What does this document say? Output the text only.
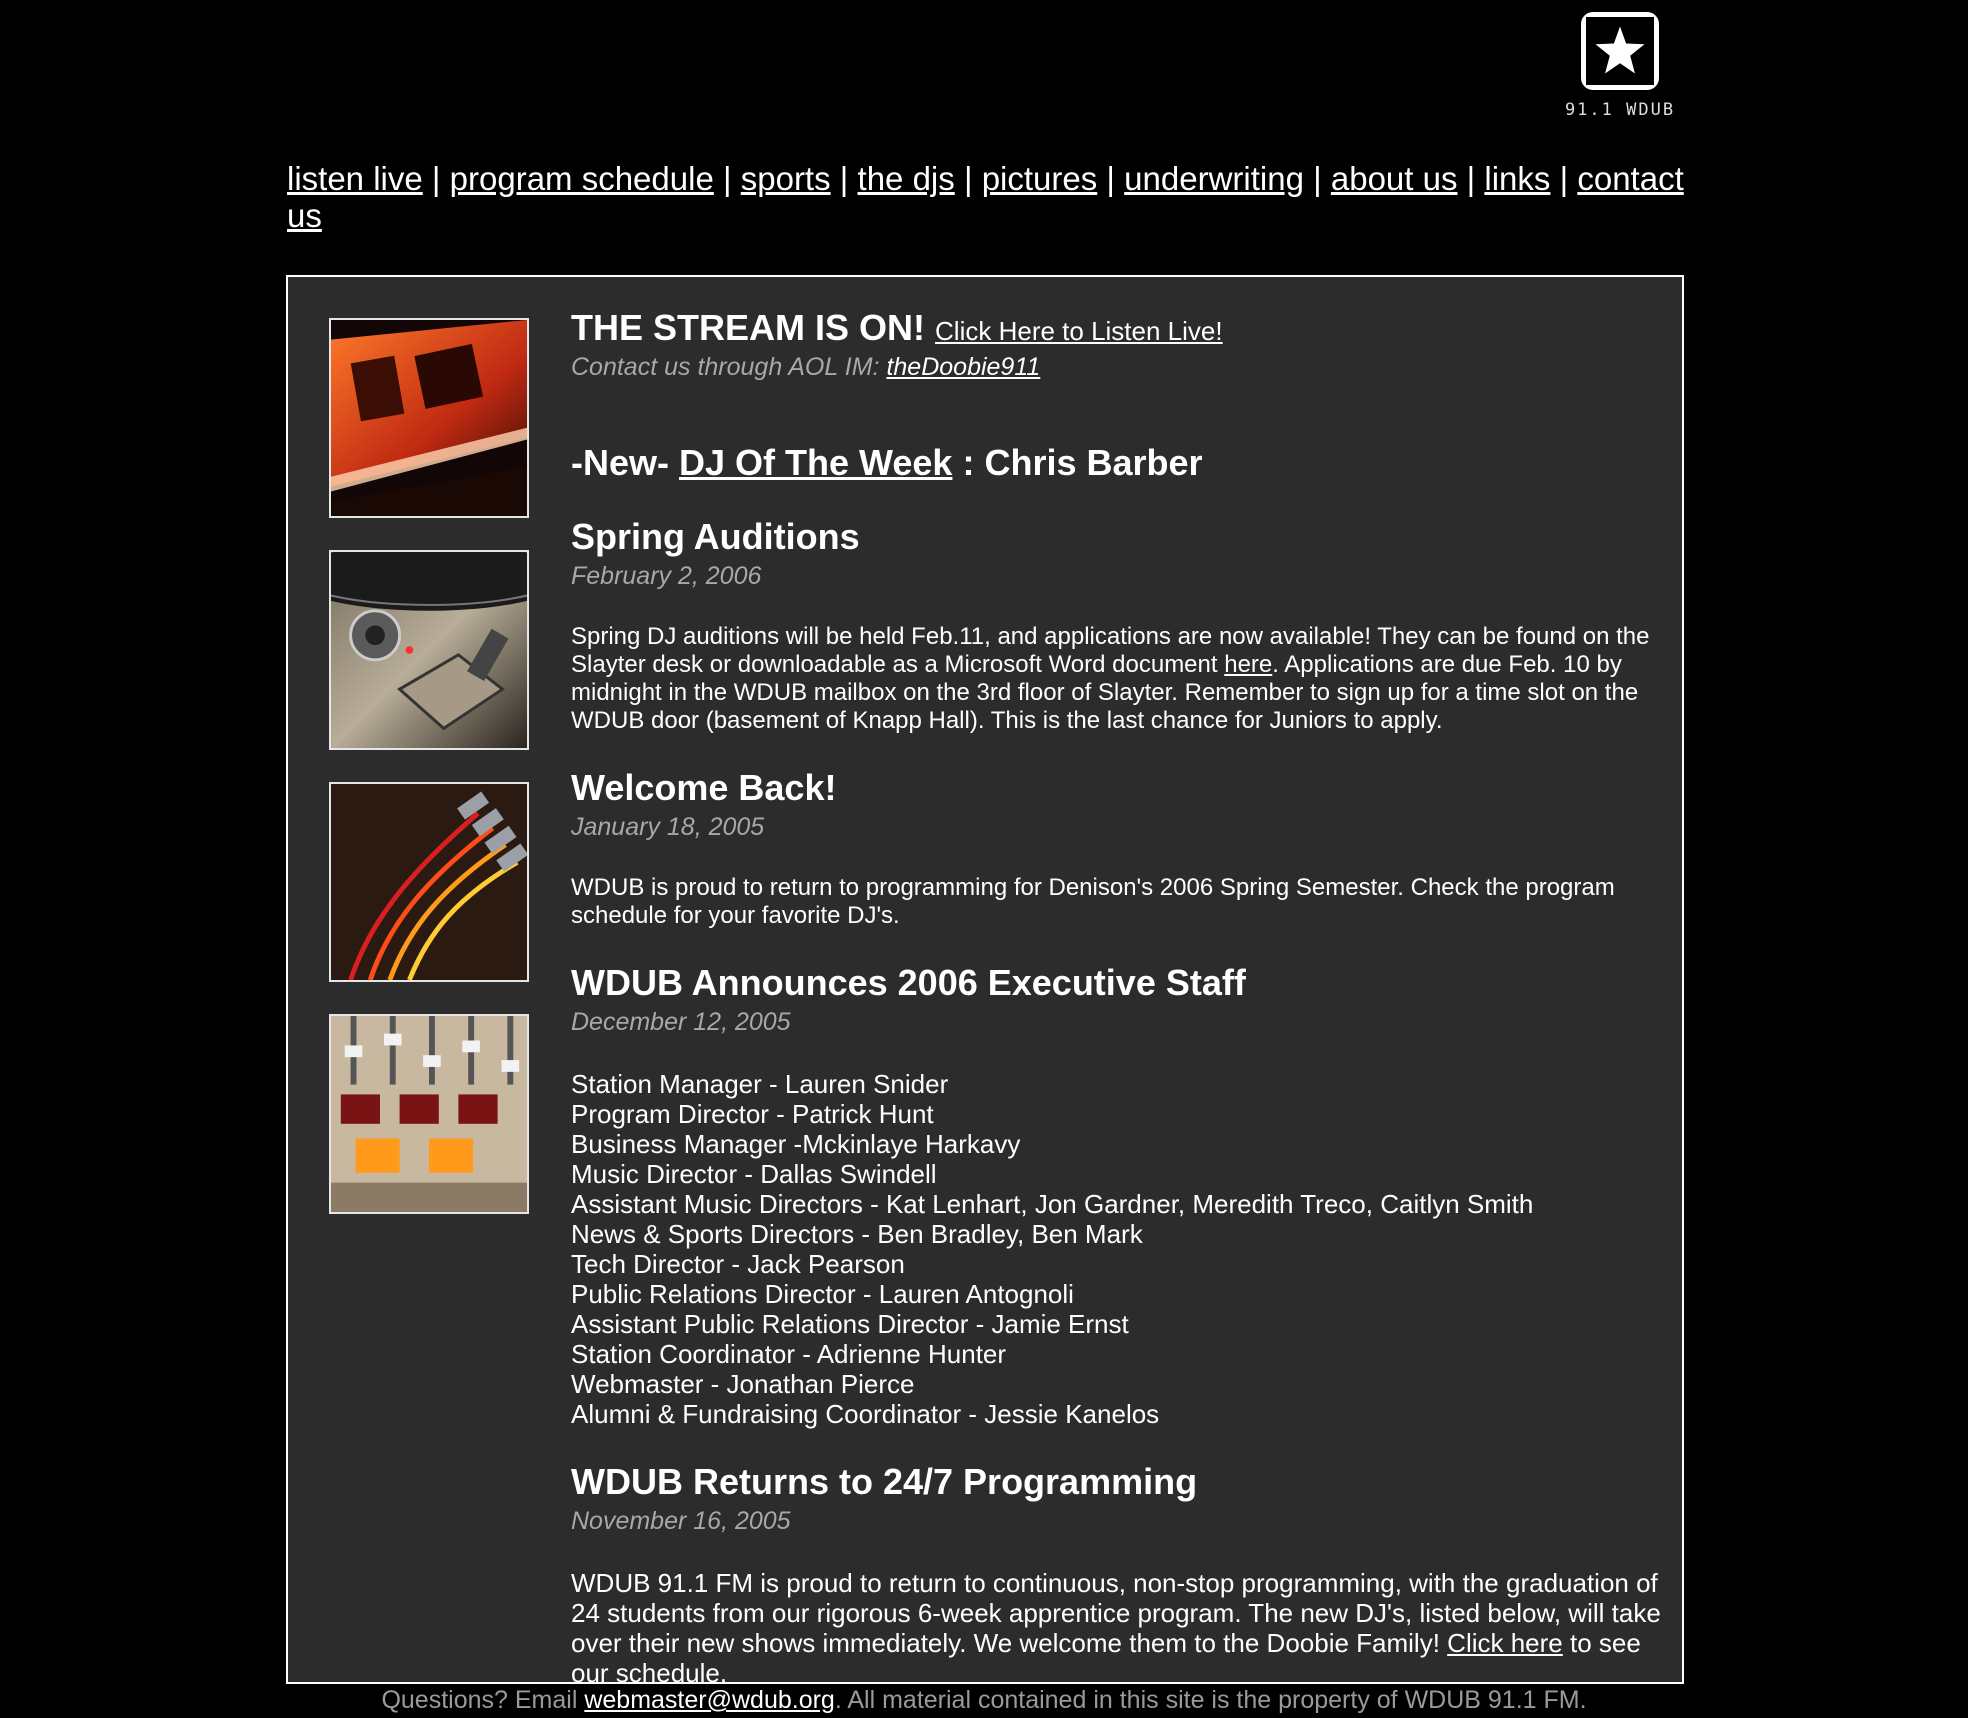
91.1 WDUB
listen live | program schedule | sports | the djs | pictures | underwriting | about us | links | contact us

THE STREAM IS ON! Click Here to Listen Live!

Contact us through AOL IM: theDoobie911

-New- DJ Of The Week : Chris Barber

Spring Auditions

February 2, 2006

Spring DJ auditions will be held Feb.11, and applications are now available! They can be found on the Slayter desk or downloadable as a Microsoft Word document here. Applications are due Feb. 10 by midnight in the WDUB mailbox on the 3rd floor of Slayter. Remember to sign up for a time slot on the WDUB door (basement of Knapp Hall). This is the last chance for Juniors to apply.

Welcome Back!

January 18, 2005

WDUB is proud to return to programming for Denison's 2006 Spring Semester. Check the program schedule for your favorite DJ's.

WDUB Announces 2006 Executive Staff

December 12, 2005

Station Manager - Lauren Snider
Program Director - Patrick Hunt
Business Manager -Mckinlaye Harkavy
Music Director - Dallas Swindell
Assistant Music Directors - Kat Lenhart, Jon Gardner, Meredith Treco, Caitlyn Smith
News & Sports Directors - Ben Bradley, Ben Mark
Tech Director - Jack Pearson
Public Relations Director - Lauren Antognoli
Assistant Public Relations Director - Jamie Ernst
Station Coordinator - Adrienne Hunter
Webmaster - Jonathan Pierce
Alumni & Fundraising Coordinator - Jessie Kanelos
WDUB Returns to 24/7 Programming

November 16, 2005

WDUB 91.1 FM is proud to return to continuous, non-stop programming, with the graduation of 24 students from our rigorous 6-week apprentice program. The new DJ's, listed below, will take over their new shows immediately. We welcome them to the Doobie Family! Click here to see our schedule.

Questions? Email webmaster@wdub.org. All material contained in this site is the property of WDUB 91.1 FM.
